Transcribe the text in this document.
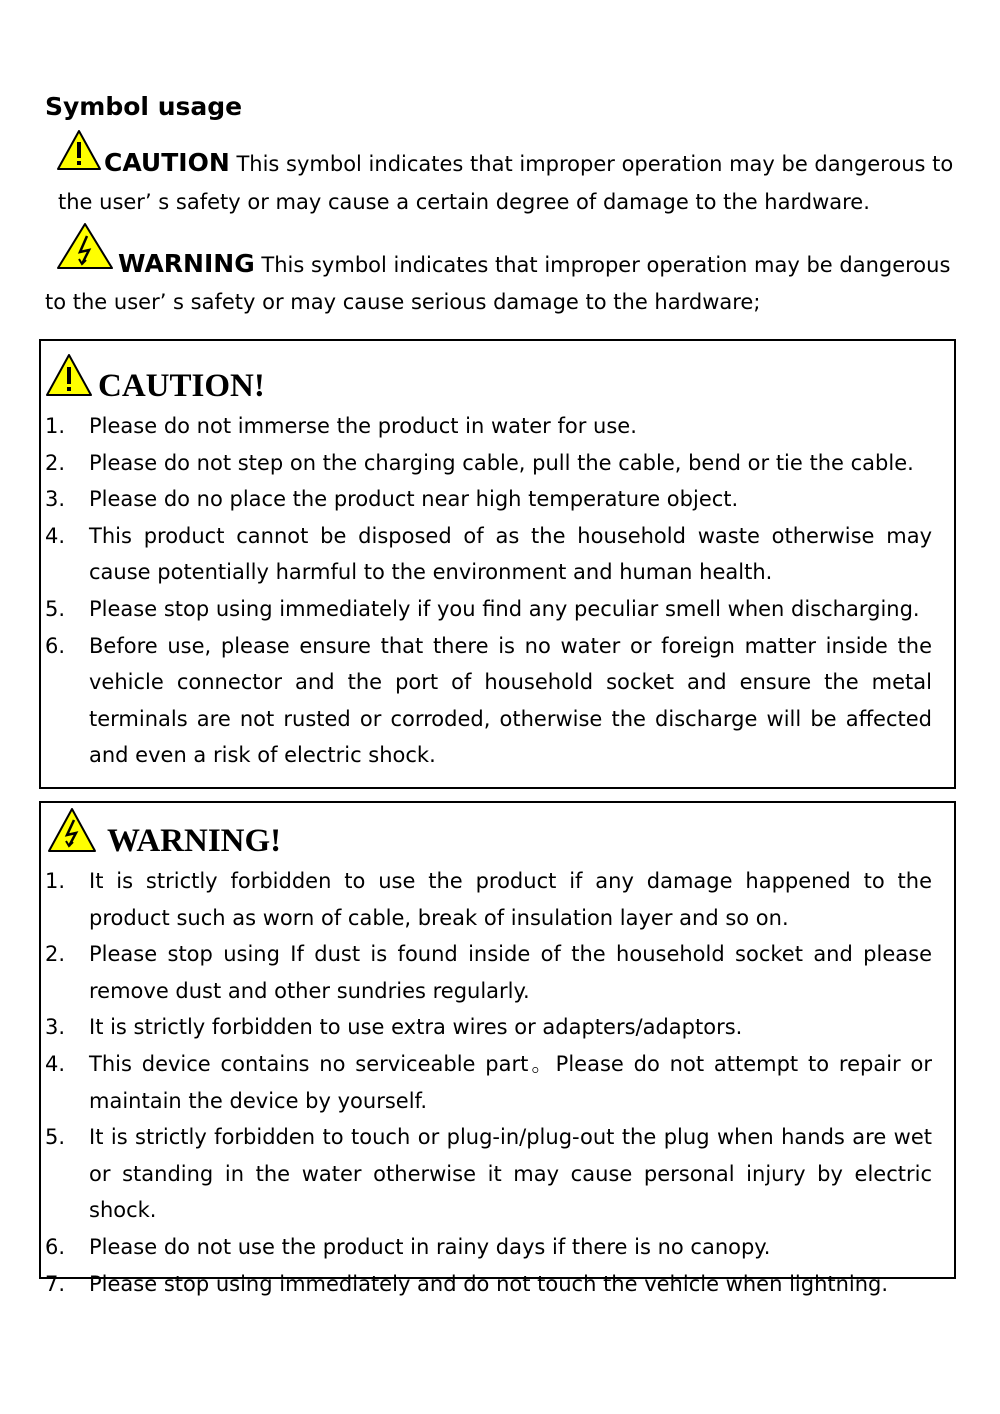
Symbol usage
CAUTION This symbol indicates that improper operation may be dangerous to
the user’ s safety or may cause a certain degree of damage to the hardware.
WARNING This symbol indicates that improper operation may be dangerous
to the user’ s safety or may cause serious damage to the hardware;
CAUTION!
1. Please do not immerse the product in water for use.
2. Please do not step on the charging cable, pull the cable, bend or tie the cable.
3. Please do no place the product near high temperature object.
4. This product cannot be disposed of as the household waste otherwise may cause potentially harmful to the environment and human health.
5. Please stop using immediately if you find any peculiar smell when discharging.
6. Before use, please ensure that there is no water or foreign matter inside the vehicle connector and the port of household socket and ensure the metal terminals are not rusted or corroded, otherwise the discharge will be affected and even a risk of electric shock.
WARNING!
1. It is strictly forbidden to use the product if any damage happened to the product such as worn of cable, break of insulation layer and so on.
2. Please stop using If dust is found inside of the household socket and please remove dust and other sundries regularly.
3. It is strictly forbidden to use extra wires or adapters/adaptors.
4. This device contains no serviceable part。Please do not attempt to repair or maintain the device by yourself.
5. It is strictly forbidden to touch or plug-in/plug-out the plug when hands are wet or standing in the water otherwise it may cause personal injury by electric shock.
6. Please do not use the product in rainy days if there is no canopy.
7. Please stop using immediately and do not touch the vehicle when lightning.
